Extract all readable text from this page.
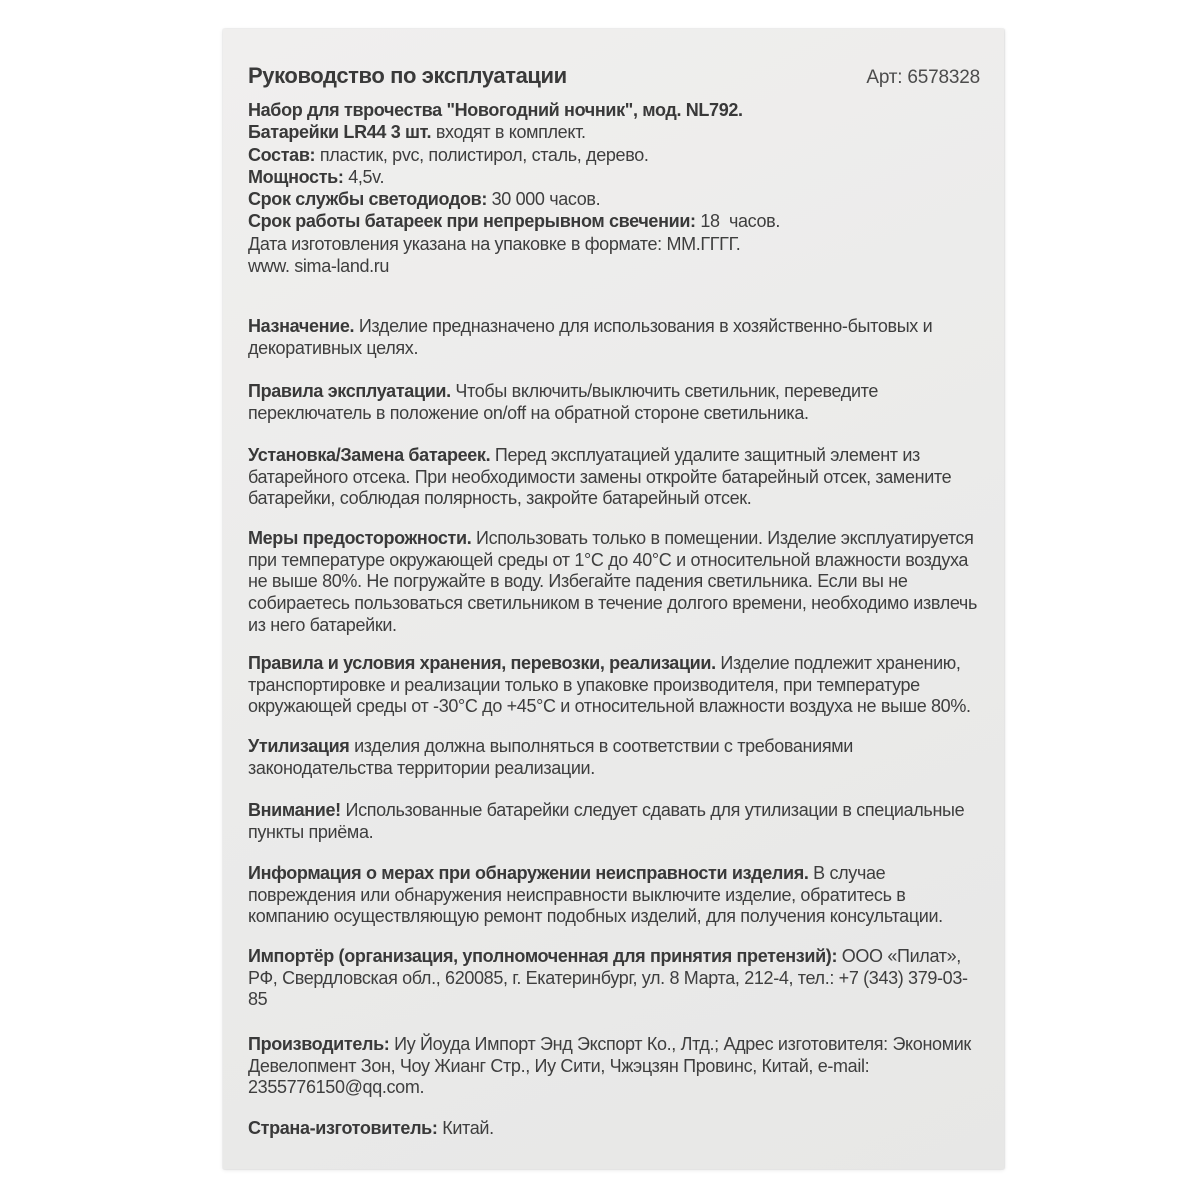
Руководство по эксплуатации	Арт: 6578328
Набор для тврочества "Новогодний ночник", мод. NL792.
Батарейки LR44 3 шт. входят в комплект.
Состав: пластик, pvc, полистирол, сталь, дерево.
Мощность: 4,5v.
Срок службы светодиодов: 30 000 часов.
Срок работы батареек при непрерывном свечении: 18  часов.
Дата изготовления указана на упаковке в формате: ММ.ГГГГ.
www. sima-land.ru

Назначение. Изделие предназначено для использования в хозяйственно-бытовых и декоративных целях.

Правила эксплуатации. Чтобы включить/выключить светильник, переведите переключатель в положение on/off на обратной стороне светильника.

Установка/Замена батареек. Перед эксплуатацией удалите защитный элемент из батарейного отсека. При необходимости замены откройте батарейный отсек, замените батарейки, соблюдая полярность, закройте батарейный отсек.

Меры предосторожности. Использовать только в помещении. Изделие эксплуатируется при температуре окружающей среды от 1°С до 40°С и относительной влажности воздуха не выше 80%. Не погружайте в воду. Избегайте падения светильника. Если вы не собираетесь пользоваться светильником в течение долгого времени, необходимо извлечь из него батарейки.

Правила и условия хранения, перевозки, реализации. Изделие подлежит хранению, транспортировке и реализации только в упаковке производителя, при температуре окружающей среды от -30°С до +45°С и относительной влажности воздуха не выше 80%.

Утилизация изделия должна выполняться в соответствии с требованиями законодательства территории реализации.

Внимание! Использованные батарейки следует сдавать для утилизации в специальные пункты приёма.

Информация о мерах при обнаружении неисправности изделия. В случае повреждения или обнаружения неисправности выключите изделие, обратитесь в компанию осуществляющую ремонт подобных изделий, для получения консультации.

Импортёр (организация, уполномоченная для принятия претензий): ООО «Пилат», РФ, Свердловская обл., 620085, г. Екатеринбург, ул. 8 Марта, 212-4, тел.: +7 (343) 379-03-85

Производитель: Иу Йоуда Импорт Энд Экспорт Ко., Лтд.; Адрес изготовителя: Экономик Девелопмент Зон, Чоу Жианг Стр., Иу Сити, Чжэцзян Провинс, Китай, e-mail: 2355776150@qq.com.

Страна-изготовитель: Китай.
